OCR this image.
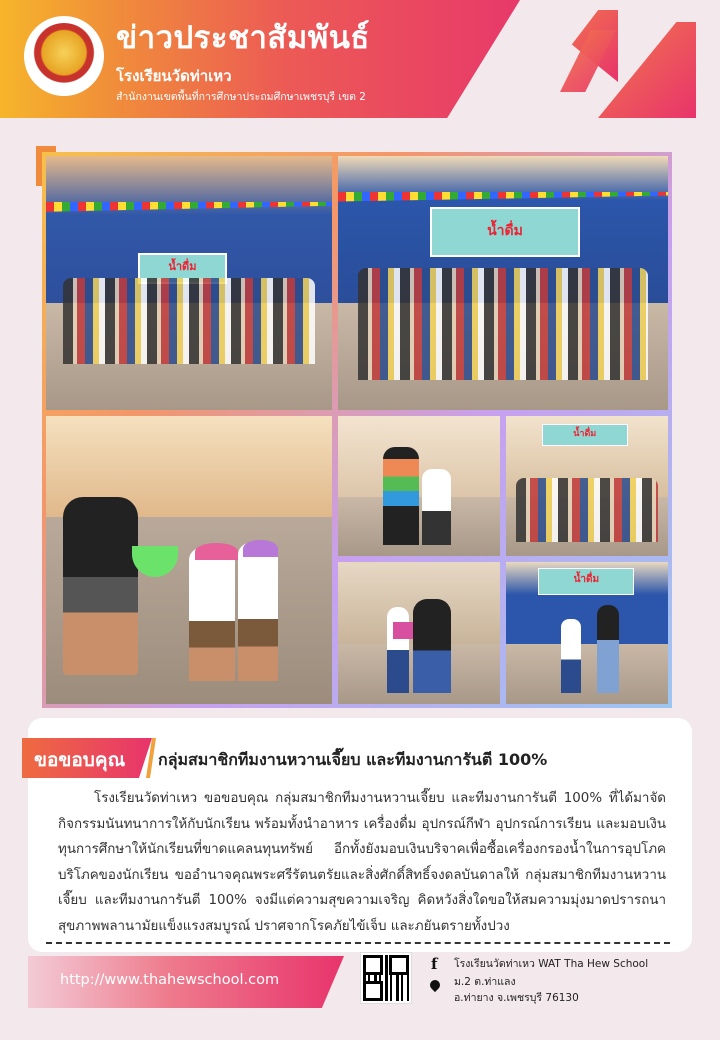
ข่าวประชาสัมพันธ์
โรงเรียนวัดท่าเหว
สำนักงานเขตพื้นที่การศึกษาประถมศึกษาเพชรบุรี เขต 2
น้ำดื่ม
น้ำดื่ม
น้ำดื่ม
น้ำดื่ม
ขอขอบคุณ กลุ่มสมาชิกทีมงานหวานเจี๊ยบ และทีมงานการันตี 100%
โรงเรียนวัดท่าเหว ขอขอบคุณ กลุ่มสมาชิกทีมงานหวานเจี๊ยบ และทีมงานการันตี 100% ที่ได้มาจัดกิจกรรมนันทนาการให้กับนักเรียน พร้อมทั้งนำอาหาร เครื่องดื่ม อุปกรณ์กีฬา อุปกรณ์การเรียน และมอบเงินทุนการศึกษาให้นักเรียนที่ขาดแคลนทุนทรัพย์ อีกทั้งยังมอบเงินบริจาคเพื่อซื้อเครื่องกรองน้ำในการอุปโภคบริโภคของนักเรียน ขออำนาจคุณพระศรีรัตนตรัยและสิ่งศักดิ์สิทธิ์จงดลบันดาลให้ กลุ่มสมาชิกทีมงานหวานเจี๊ยบ และทีมงานการันตี 100% จงมีแต่ความสุขความเจริญ คิดหวังสิ่งใดขอให้สมความมุ่งมาดปรารถนา สุขภาพพลานามัยแข็งแรงสมบูรณ์ ปราศจากโรคภัยไข้เจ็บ และภยันตรายทั้งปวง
http://www.thahewschool.com
f โรงเรียนวัดท่าเหว WAT Tha Hew School
ม.2 ต.ท่าแลง
อ.ท่ายาง จ.เพชรบุรี 76130
